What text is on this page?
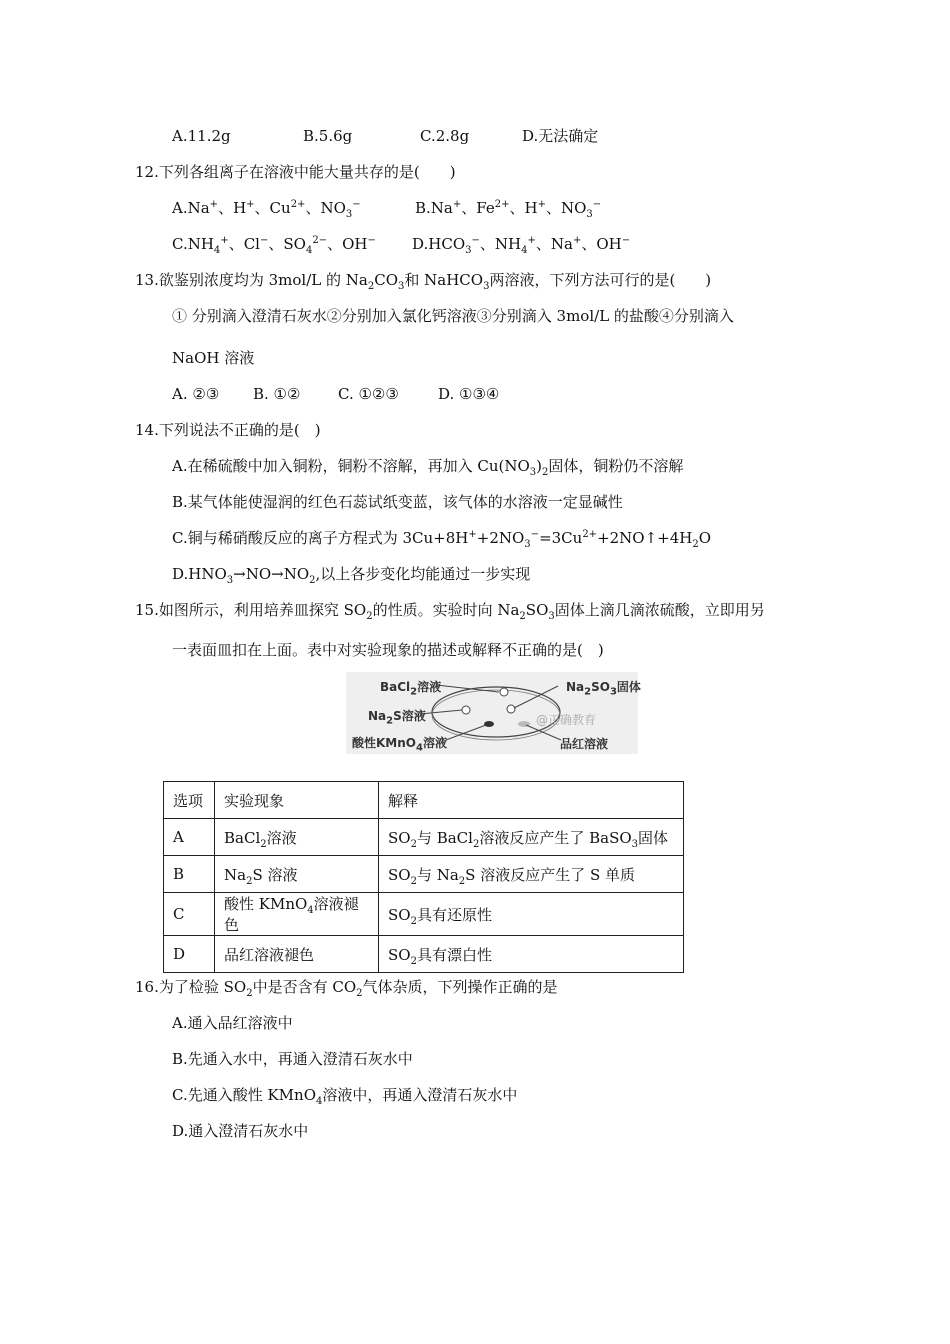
A.11.2g	B.5.6g	C.2.8g	D.无法确定
12.下列各组离子在溶液中能大量共存的是(　　)
A.Na+、H+、$Cu^{2+}$、$NO_3^-$	B.Na+、$Fe^{2+}$、H+、$NO_3^-$
$C.NH_4^+$、Cl−、$SO_4^{2-}$、OH− $D.HCO_3^-$、$NH_4^+$、Na+、OH−
13.欲鉴别浓度均为 3mol/L 的 $Na_2CO_3$和 NaHCO$_3$两溶液，下列方法可行的是(　　)
① 分别滴入澄清石灰水②分别加入氯化钙溶液③分别滴入 3mol/L 的盐酸④分别滴入
NaOH 溶液
A. ②③ B. ①②	C. ①②③	D. ①③④
14.下列说法不正确的是(　)
A.在稀硫酸中加入铜粉，铜粉不溶解，再加入 $Cu(NO_3)_2$固体，铜粉仍不溶解
B.某气体能使湿润的红色石蕊试纸变蓝，该气体的水溶液一定显碱性
C.铜与稀硝酸反应的离子方程式为 $3Cu+8H^++2NO_3^-=3Cu^{2+}+2NO↑+4H_2O$
$D.HNO_3\to NO\to NO_2$,以上各步变化均能通过一步实现
15.如图所示，利用培养皿探究 $SO_2$的性质。实验时向 $Na_2SO_3$固体上滴几滴浓硫酸，立即用另
一表面皿扣在上面。表中对实验现象的描述或解释不正确的是(　)
BaCl$_2$溶液	$Na_2SO_3$固体
$Na_2S$溶液
酸性KMnO$_4$溶液	品红溶液
@正确教育
选项	实验现象	解释
A	BaCl$_2$溶液	$SO_2$与 BaCl$_2$溶液反应产生了 BaSO$_3$固体
B	$Na_2S$ 溶液	$SO_2$与 $Na_2S$ 溶液反应产生了 S 单质
C	酸性 KMnO$_4$溶液褪色	$SO_2$具有还原性
D	品红溶液褪色	$SO_2$具有漂白性
16.为了检验 $SO_2$中是否含有 $CO_2$气体杂质，下列操作正确的是
A.通入品红溶液中
B.先通入水中，再通入澄清石灰水中
C.先通入酸性 KMnO$_4$溶液中，再通入澄清石灰水中
D.通入澄清石灰水中
